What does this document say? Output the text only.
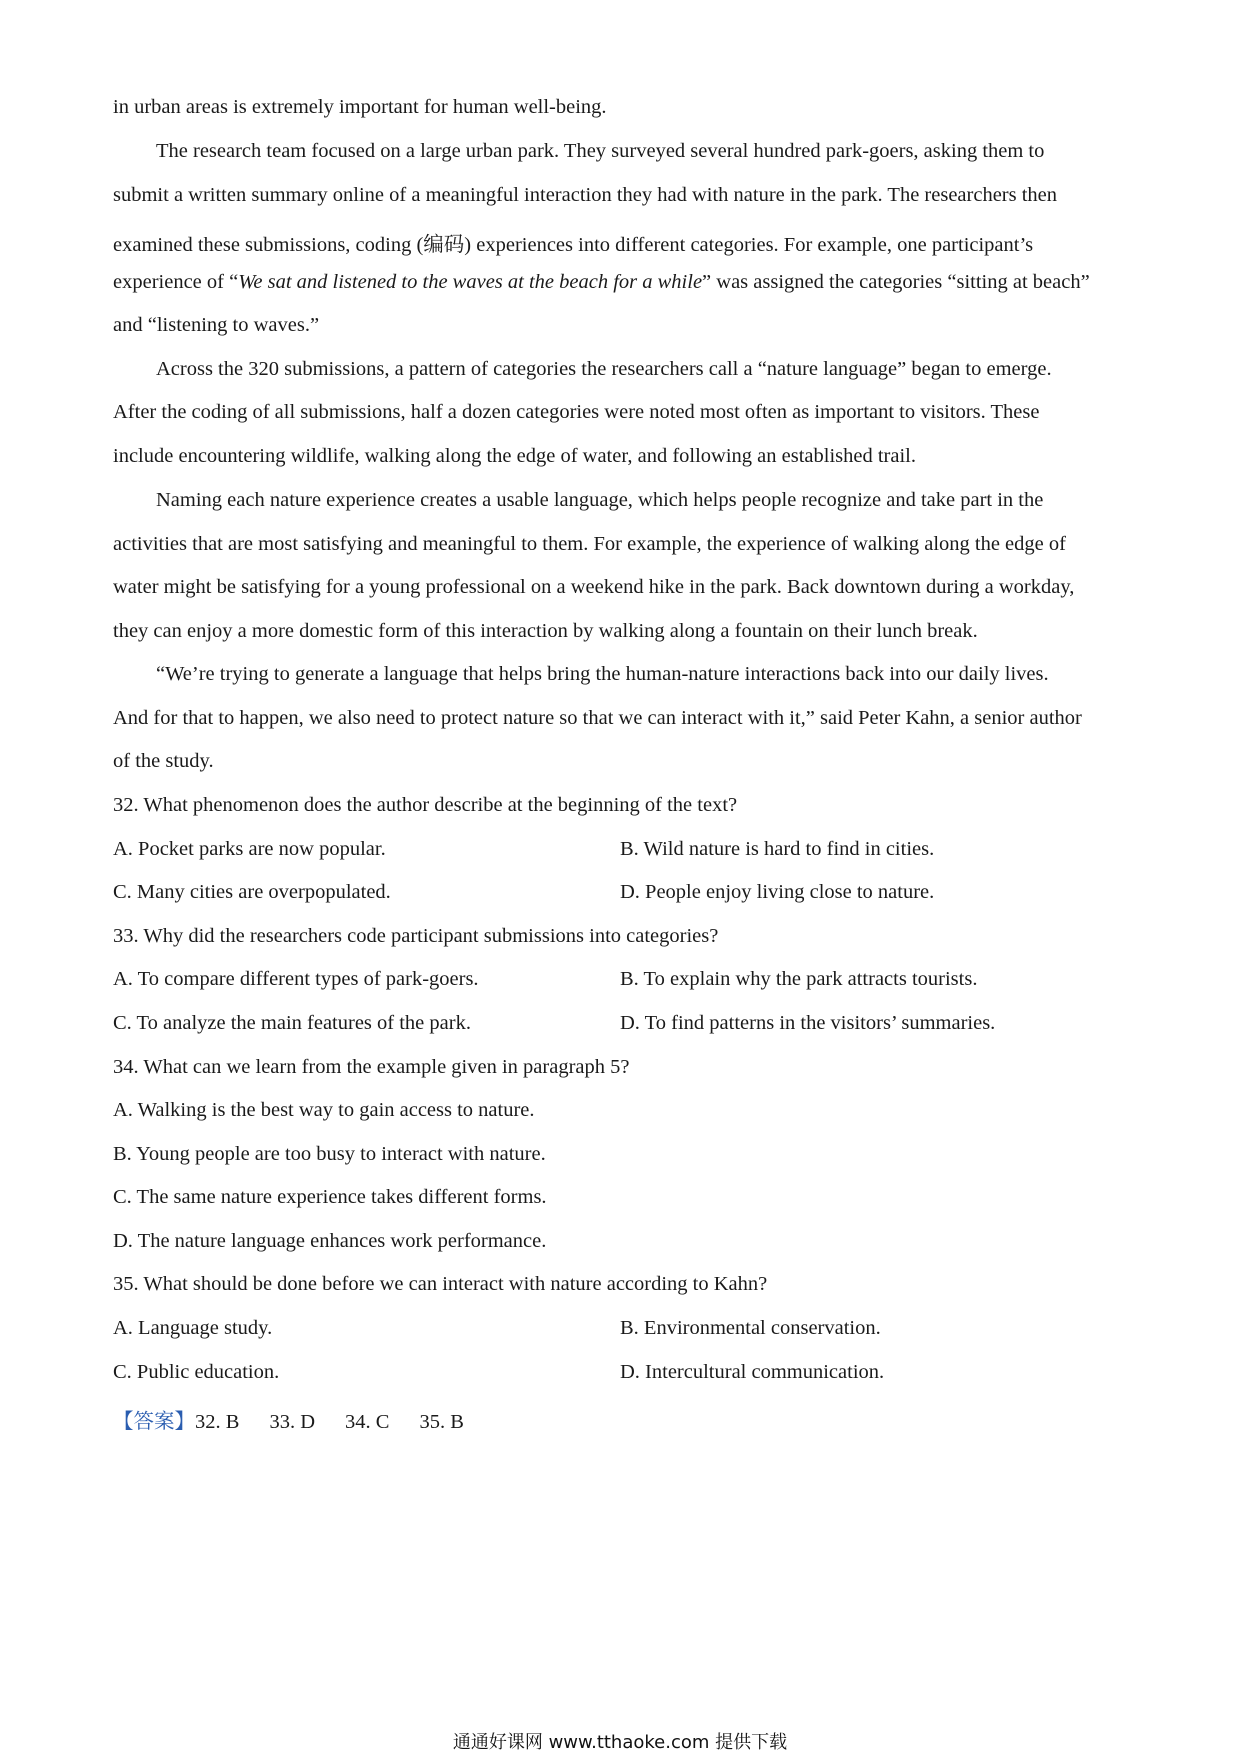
in urban areas is extremely important for human well-being.
The research team focused on a large urban park. They surveyed several hundred park-goers, asking them to
submit a written summary online of a meaningful interaction they had with nature in the park. The researchers then
examined these submissions, coding (编码) experiences into different categories. For example, one participant’s
experience of “We sat and listened to the waves at the beach for a while” was assigned the categories “sitting at beach”
and “listening to waves.”
Across the 320 submissions, a pattern of categories the researchers call a “nature language” began to emerge.
After the coding of all submissions, half a dozen categories were noted most often as important to visitors. These
include encountering wildlife, walking along the edge of water, and following an established trail.
Naming each nature experience creates a usable language, which helps people recognize and take part in the
activities that are most satisfying and meaningful to them. For example, the experience of walking along the edge of
water might be satisfying for a young professional on a weekend hike in the park. Back downtown during a workday,
they can enjoy a more domestic form of this interaction by walking along a fountain on their lunch break.
“We’re trying to generate a language that helps bring the human-nature interactions back into our daily lives.
And for that to happen, we also need to protect nature so that we can interact with it,” said Peter Kahn, a senior author
of the study.
32. What phenomenon does the author describe at the beginning of the text?
A. Pocket parks are now popular.	B. Wild nature is hard to find in cities.
C. Many cities are overpopulated.	D. People enjoy living close to nature.
33. Why did the researchers code participant submissions into categories?
A. To compare different types of park-goers.	B. To explain why the park attracts tourists.
C. To analyze the main features of the park.	D. To find patterns in the visitors’ summaries.
34. What can we learn from the example given in paragraph 5?
A. Walking is the best way to gain access to nature.
B. Young people are too busy to interact with nature.
C. The same nature experience takes different forms.
D. The nature language enhances work performance.
35. What should be done before we can interact with nature according to Kahn?
A. Language study.	B. Environmental conservation.
C. Public education.	D. Intercultural communication.
【答案】32. B 33. D 34. C 35. B
通通好课网 www.tthaoke.com 提供下载
